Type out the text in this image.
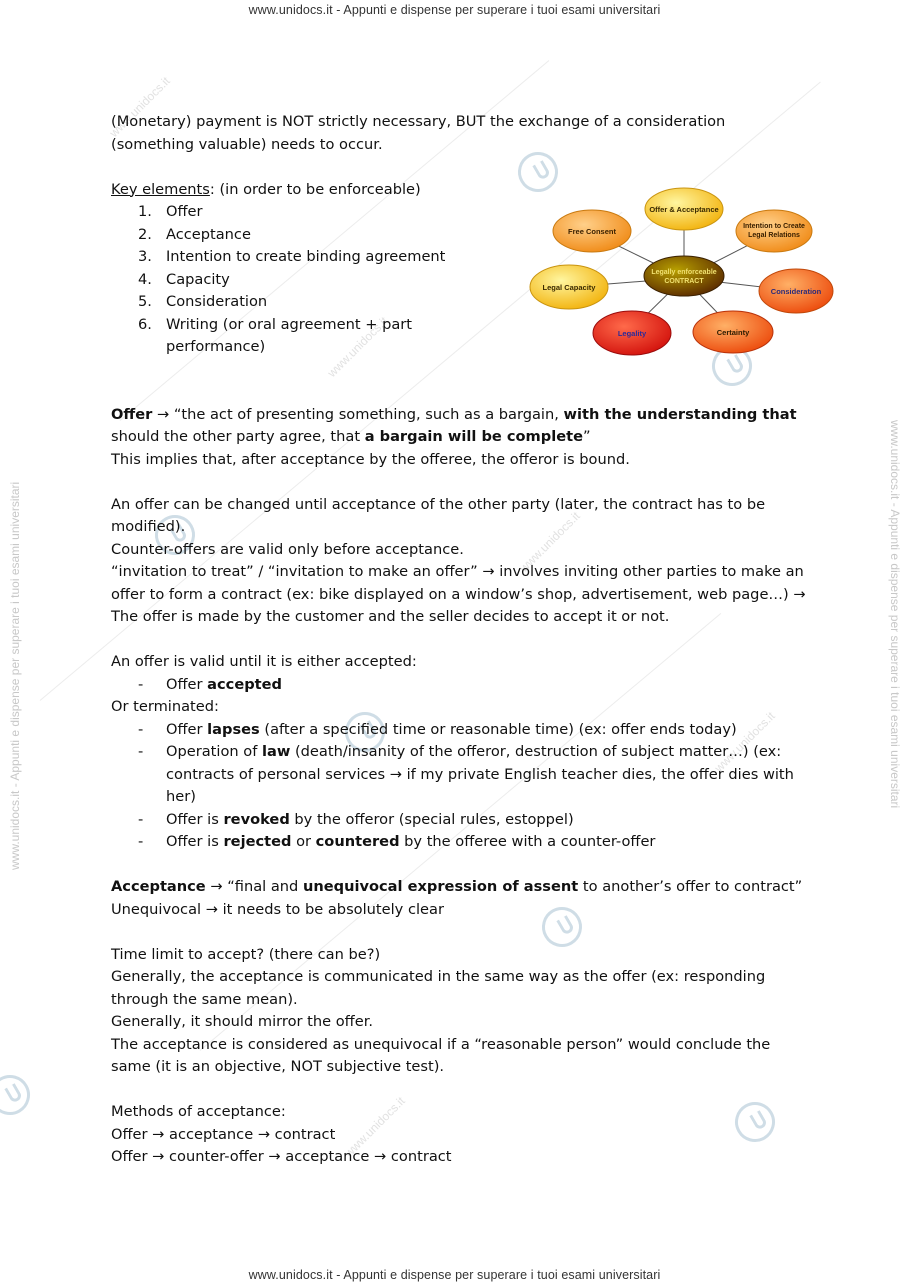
www.unidocs.it
www.unidocs.it
www.unidocs.it
www.unidocs.it
www.unidocs.it
www.unidocs.it - Appunti e dispense per superare i tuoi esami universitari	www.unidocs.it - Appunti e dispense per superare i tuoi esami universitari
www.unidocs.it - Appunti e dispense per superare i tuoi esami universitari
www.unidocs.it - Appunti e dispense per superare i tuoi esami universitari
Offer & Acceptance
Intention to Create
Legal Relations
Consideration
Certainty
Legality
Legal Capacity
Free Consent
Legally enforceable
CONTRACT

(Monetary) payment is NOT strictly necessary, BUT the exchange of a consideration

(something valuable) needs to occur.

Key elements: (in order to be enforceable)

1. Offer
2. Acceptance
3. Intention to create binding agreement
4. Capacity
5. Consideration
6. Writing (or oral agreement + part performance)

Offer → “the act of presenting something, such as a bargain, with the understanding that should the other party agree, that a bargain will be complete”

This implies that, after acceptance by the offeree, the offeror is bound.

An offer can be changed until acceptance of the other party (later, the contract has to be modified).

Counter-offers are valid only before acceptance.

“invitation to treat” / “invitation to make an offer” → involves inviting other parties to make an offer to form a contract (ex: bike displayed on a window’s shop, advertisement, web page…) → The offer is made by the customer and the seller decides to accept it or not.

An offer is valid until it is either accepted:

- Offer accepted

Or terminated:

- Offer lapses (after a specified time or reasonable time) (ex: offer ends today)
- Operation of law (death/insanity of the offeror, destruction of subject matter…) (ex: contracts of personal services → if my private English teacher dies, the offer dies with her)
- Offer is revoked by the offeror (special rules, estoppel)
- Offer is rejected or countered by the offeree with a counter-offer

Acceptance → “final and unequivocal expression of assent to another’s offer to contract”

Unequivocal → it needs to be absolutely clear

Time limit to accept? (there can be?)

Generally, the acceptance is communicated in the same way as the offer (ex: responding through the same mean).

Generally, it should mirror the offer.

The acceptance is considered as unequivocal if a “reasonable person” would conclude the same (it is an objective, NOT subjective test).

Methods of acceptance:

Offer → acceptance → contract

Offer → counter-offer → acceptance → contract
